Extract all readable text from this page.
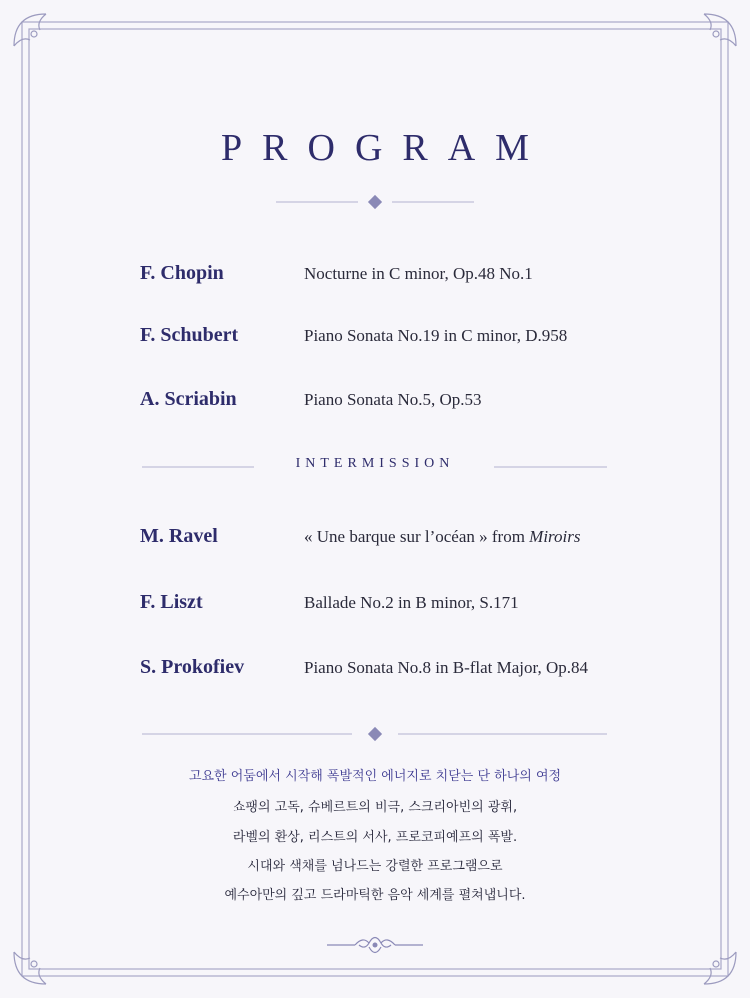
PROGRAM
F. Chopin	Nocturne in C minor, Op.48 No.1
F. Schubert	Piano Sonata No.19 in C minor, D.958
A. Scriabin	Piano Sonata No.5, Op.53
INTERMISSION
M. Ravel	« Une barque sur l’océan » from Miroirs
F. Liszt	Ballade No.2 in B minor, S.171
S. Prokofiev	Piano Sonata No.8 in B-flat Major, Op.84
고요한 어둠에서 시작해 폭발적인 에너지로 치닫는 단 하나의 여정
쇼팽의 고독, 슈베르트의 비극, 스크리아빈의 광휘,
라벨의 환상, 리스트의 서사, 프로코피예프의 폭발.
시대와 색채를 넘나드는 강렬한 프로그램으로
예수아만의 깊고 드라마틱한 음악 세계를 펼쳐냅니다.
